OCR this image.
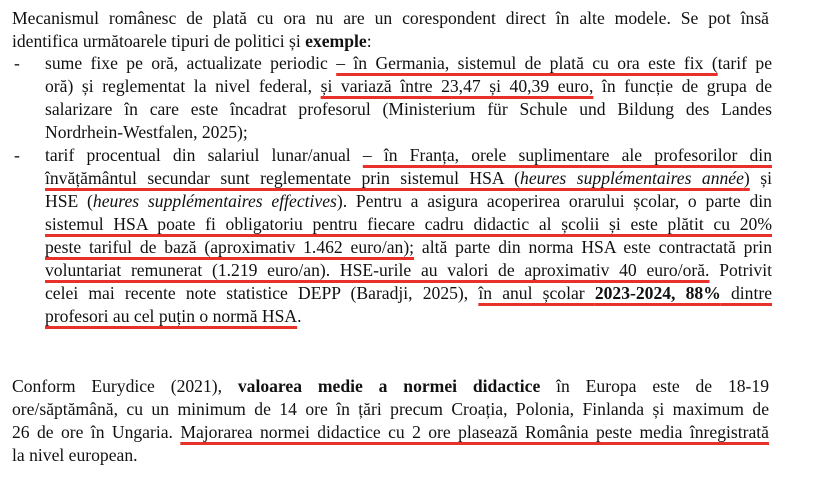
Mecanismul românesc de plată cu ora nu are un corespondent direct în alte modele. Se pot însă
identifica următoarele tipuri de politici și exemple:
- sume fixe pe oră, actualizate periodic – în Germania, sistemul de plată cu ora este fix (tarif pe
oră) și reglementat la nivel federal, și variază între 23,47 și 40,39 euro, în funcție de grupa de
salarizare în care este încadrat profesorul (Ministerium für Schule und Bildung des Landes
Nordrhein-Westfalen, 2025);
- tarif procentual din salariul lunar/anual – în Franța, orele suplimentare ale profesorilor din
învățământul secundar sunt reglementate prin sistemul HSA (heures supplémentaires année) și
HSE (heures supplémentaires effectives). Pentru a asigura acoperirea orarului școlar, o parte din
sistemul HSA poate fi obligatoriu pentru fiecare cadru didactic al școlii și este plătit cu 20%
peste tariful de bază (aproximativ 1.462 euro/an); altă parte din norma HSA este contractată prin
voluntariat remunerat (1.219 euro/an). HSE-urile au valori de aproximativ 40 euro/oră. Potrivit
celei mai recente note statistice DEPP (Baradji, 2025), în anul școlar 2023-2024, 88% dintre
profesori au cel puțin o normă HSA.
Conform Eurydice (2021), valoarea medie a normei didactice în Europa este de 18-19
ore/săptămână, cu un minimum de 14 ore în țări precum Croația, Polonia, Finlanda și maximum de
26 de ore în Ungaria. Majorarea normei didactice cu 2 ore plasează România peste media înregistrată
la nivel european.
